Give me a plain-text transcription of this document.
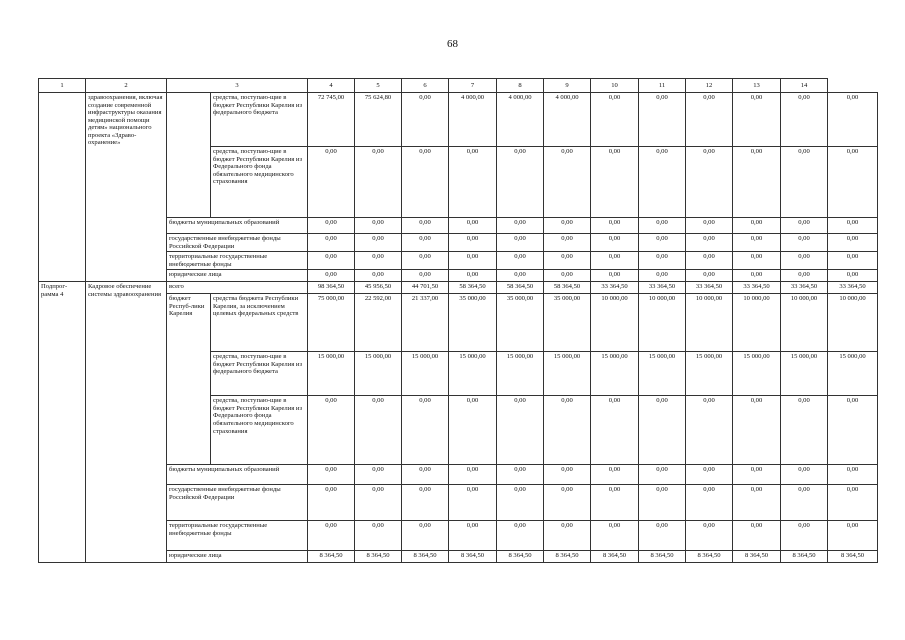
68
1	2	3		4	5	6	7	8	9	10	11	12	13	14	
	здравоохранения, включая создание современной инфраструктуры оказания медицинской помощи детям» национального проекта «Здраво-охранение»		средства, поступаю-щие в бюджет Республики Карелия из федерального бюджета	72 745,00	75 624,80	0,00	4 000,00	4 000,00	4 000,00	0,00	0,00	0,00	0,00	0,00	0,00
			средства, поступаю-щие в бюджет Республики Карелия из Федерального фонда обязательного медицинского страхования	0,00	0,00	0,00	0,00	0,00	0,00	0,00	0,00	0,00	0,00	0,00	0,00
		бюджеты муниципальных образований		0,00	0,00	0,00	0,00	0,00	0,00	0,00	0,00	0,00	0,00	0,00	0,00
		государственные внебюджетные фонды Российской Федерации		0,00	0,00	0,00	0,00	0,00	0,00	0,00	0,00	0,00	0,00	0,00	0,00
		территориальные государственные внебюджетные фонды		0,00	0,00	0,00	0,00	0,00	0,00	0,00	0,00	0,00	0,00	0,00	0,00
		юридические лица		0,00	0,00	0,00	0,00	0,00	0,00	0,00	0,00	0,00	0,00	0,00	0,00
Подпрог-рамма 4	Кадровое обеспечение системы здравоохранения	всего		98 364,50	45 956,50	44 701,50	58 364,50	58 364,50	58 364,50	33 364,50	33 364,50	33 364,50	33 364,50	33 364,50	33 364,50
		бюджет Респуб-лики Карелия	средства бюджета Республики Карелия, за исключением целевых федеральных средств	75 000,00	22 592,00	21 337,00	35 000,00	35 000,00	35 000,00	10 000,00	10 000,00	10 000,00	10 000,00	10 000,00	10 000,00
			средства, поступаю-щие в бюджет Республики Карелия из федерального бюджета	15 000,00	15 000,00	15 000,00	15 000,00	15 000,00	15 000,00	15 000,00	15 000,00	15 000,00	15 000,00	15 000,00	15 000,00
			средства, поступаю-щие в бюджет Республики Карелия из Федерального фонда обязательного медицинского страхования	0,00	0,00	0,00	0,00	0,00	0,00	0,00	0,00	0,00	0,00	0,00	0,00
		бюджеты муниципальных образований		0,00	0,00	0,00	0,00	0,00	0,00	0,00	0,00	0,00	0,00	0,00	0,00
		государственные внебюджетные фонды Российской Федерации		0,00	0,00	0,00	0,00	0,00	0,00	0,00	0,00	0,00	0,00	0,00	0,00
		территориальные государственные внебюджетные фонды		0,00	0,00	0,00	0,00	0,00	0,00	0,00	0,00	0,00	0,00	0,00	0,00
		юридические лица		8 364,50	8 364,50	8 364,50	8 364,50	8 364,50	8 364,50	8 364,50	8 364,50	8 364,50	8 364,50	8 364,50	8 364,50
